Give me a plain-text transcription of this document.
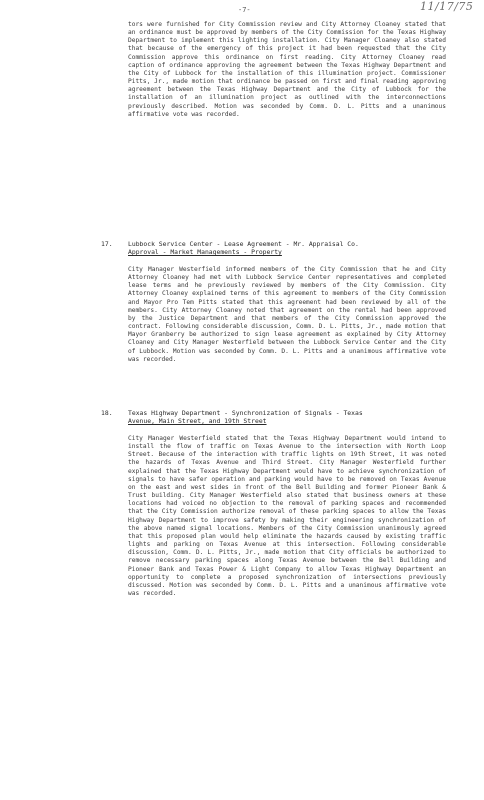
-7-	11/17/75

tors were furnished for City Commission review and City Attorney Cloaney stated that an ordinance must be approved by members of the City Commission for the Texas Highway Department to implement this lighting installation. City Manager Cloaney also stated that because of the emergency of this project it had been requested that the City Commission approve this ordinance on first reading. City Attorney Cloaney read caption of ordinance approving the agreement between the Texas Highway Department and the City of Lubbock for the installation of this illumination project. Commissioner Pitts, Jr., made motion that ordinance be passed on first and final reading approving agreement between the Texas Highway Department and the City of Lubbock for the installation of an illumination project as outlined with the interconnections previously described. Motion was seconded by Comm. D. L. Pitts and a unanimous affirmative vote was recorded.

17. Lubbock Service Center - Lease Agreement - Mr. Appraisal Co.
Approval - Market Managements - Property

City Manager Westerfield informed members of the City Commission that he and City Attorney Cloaney had met with Lubbock Service Center representatives and completed lease terms and he previously reviewed by members of the City Commission. City Attorney Cloaney explained terms of this agreement to members of the City Commission and Mayor Pro Tem Pitts stated that this agreement had been reviewed by all of the members. City Attorney Cloaney noted that agreement on the rental had been approved by the Justice Department and that members of the City Commission approved the contract. Following considerable discussion, Comm. D. L. Pitts, Jr., made motion that Mayor Granberry be authorized to sign lease agreement as explained by City Attorney Cloaney and City Manager Westerfield between the Lubbock Service Center and the City of Lubbock. Motion was seconded by Comm. D. L. Pitts and a unanimous affirmative vote was recorded.

18. Texas Highway Department - Synchronization of Signals - Texas
Avenue, Main Street, and 19th Street

City Manager Westerfield stated that the Texas Highway Department would intend to install the flow of traffic on Texas Avenue to the intersection with North Loop Street. Because of the interaction with traffic lights on 19th Street, it was noted the hazards of Texas Avenue and Third Street. City Manager Westerfield further explained that the Texas Highway Department would have to achieve synchronization of signals to have safer operation and parking would have to be removed on Texas Avenue on the east and west sides in front of the Bell Building and former Pioneer Bank & Trust building. City Manager Westerfield also stated that business owners at these locations had voiced no objection to the removal of parking spaces and recommended that the City Commission authorize removal of these parking spaces to allow the Texas Highway Department to improve safety by making their engineering synchronization of the above named signal locations. Members of the City Commission unanimously agreed that this proposed plan would help eliminate the hazards caused by existing traffic lights and parking on Texas Avenue at this intersection. Following considerable discussion, Comm. D. L. Pitts, Jr., made motion that City officials be authorized to remove necessary parking spaces along Texas Avenue between the Bell Building and Pioneer Bank and Texas Power & Light Company to allow Texas Highway Department an opportunity to complete a proposed synchronization of intersections previously discussed. Motion was seconded by Comm. D. L. Pitts and a unanimous affirmative vote was recorded.
